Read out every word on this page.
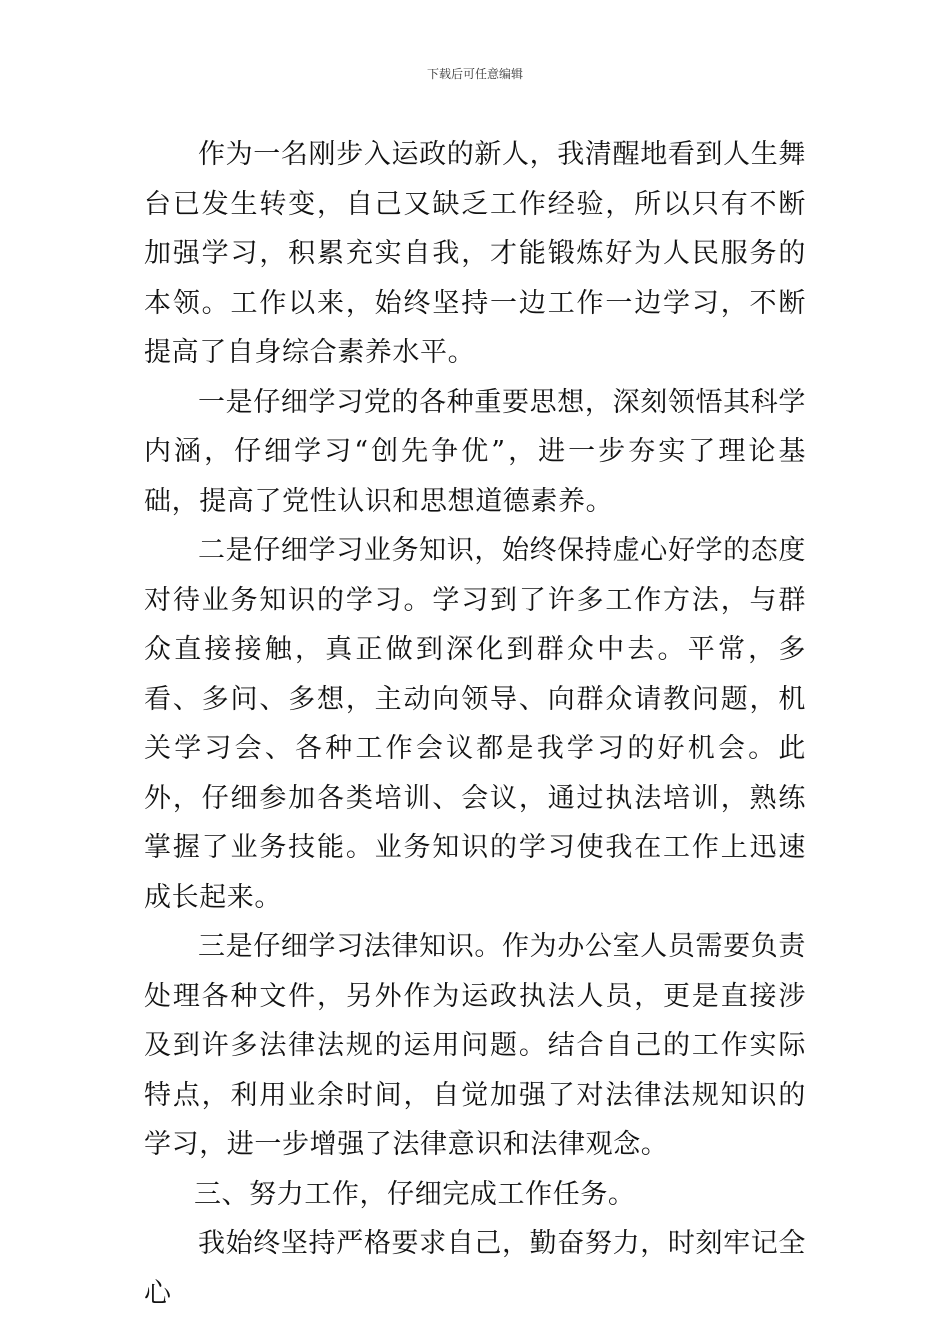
下载后可任意编辑

作为一名刚步入运政的新人，我清醒地看到人生舞台已发生转变，自己又缺乏工作经验，所以只有不断加强学习，积累充实自我，才能锻炼好为人民服务的本领。工作以来，始终坚持一边工作一边学习，不断提高了自身综合素养水平。

一是仔细学习党的各种重要思想，深刻领悟其科学内涵，仔细学习“创先争优”，进一步夯实了理论基础，提高了党性认识和思想道德素养。

二是仔细学习业务知识，始终保持虚心好学的态度对待业务知识的学习。学习到了许多工作方法，与群众直接接触，真正做到深化到群众中去。平常，多看、多问、多想，主动向领导、向群众请教问题，机关学习会、各种工作会议都是我学习的好机会。此外，仔细参加各类培训、会议，通过执法培训，熟练掌握了业务技能。业务知识的学习使我在工作上迅速成长起来。

三是仔细学习法律知识。作为办公室人员需要负责处理各种文件，另外作为运政执法人员，更是直接涉及到许多法律法规的运用问题。结合自己的工作实际特点，利用业余时间，自觉加强了对法律法规知识的学习，进一步增强了法律意识和法律观念。

三、努力工作，仔细完成工作任务。

我始终坚持严格要求自己，勤奋努力，时刻牢记全心
